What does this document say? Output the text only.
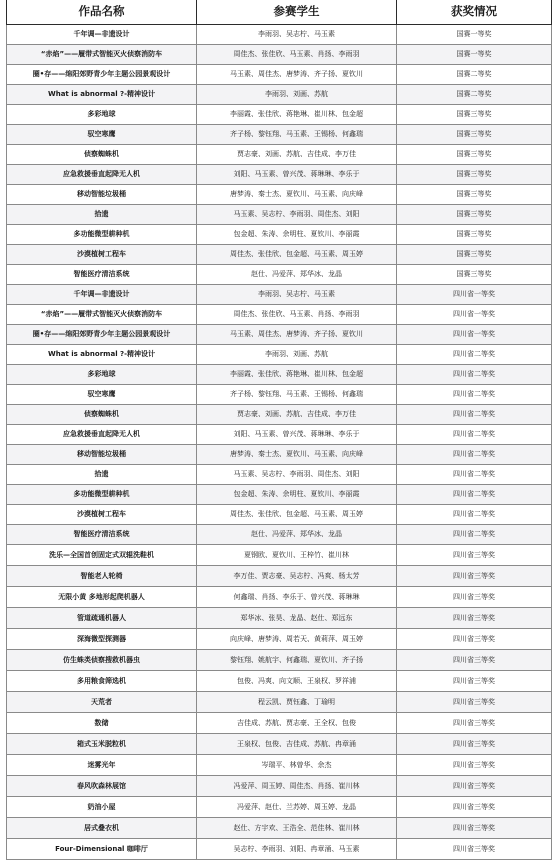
作品名称	参赛学生	获奖情况
千年调—非遗设计	李雨羽、吴志柠、马玉素	国赛一等奖
“赤焰”——履带式智能灭火侦察消防车	周佳杰、张佳欣、马玉素、肖扬、李雨羽	国赛一等奖
圈•存——绵阳郊野青少年主题公园景观设计	马玉素、周佳杰、唐梦涛、齐子扬、夏钦川	国赛二等奖
What is abnormal ?-精神设计	李雨羽、刘画、苏航	国赛二等奖
多彩地球	李丽霞、张佳欣、蒋艳琳、崔川林、包金超	国赛三等奖
驭空寒鹰	齐子杨、黎钰翔、马玉素、王锡杨、何鑫瑞	国赛三等奖
侦察蜘蛛机	贾志豪、刘画、苏航、吉佳成、李万佳	国赛三等奖
应急救援垂直起降无人机	刘阳、马玉素、曾兴茂、蒋琳琳、李乐于	国赛三等奖
移动智能垃圾桶	唐梦涛、秦士杰、夏钦川、马玉素、向庆峰	国赛三等奖
拾遗	马玉素、吴志柠、李雨羽、周佳杰、刘阳	国赛三等奖
多功能微型耕种机	包金超、朱涛、余明柱、夏钦川、李丽霞	国赛三等奖
沙漠植树工程车	周佳杰、张佳欣、包金超、马玉素、周玉婷	国赛三等奖
智能医疗清洁系统	赵仕、冯爱萍、郑华冰、龙晶	国赛三等奖
千年调—非遗设计	李雨羽、吴志柠、马玉素	四川省一等奖
“赤焰”——履带式智能灭火侦察消防车	周佳杰、张佳欣、马玉素、肖扬、李雨羽	四川省一等奖
圈•存——绵阳郊野青少年主题公园景观设计	马玉素、周佳杰、唐梦涛、齐子扬、夏钦川	四川省一等奖
What is abnormal ?-精神设计	李雨羽、刘画、苏航	四川省二等奖
多彩地球	李丽霞、张佳欣、蒋艳琳、崔川林、包金超	四川省二等奖
驭空寒鹰	齐子杨、黎钰翔、马玉素、王锡杨、何鑫瑞	四川省二等奖
侦察蜘蛛机	贾志豪、刘画、苏航、吉佳成、李万佳	四川省二等奖
应急救援垂直起降无人机	刘阳、马玉素、曾兴茂、蒋琳琳、李乐于	四川省二等奖
移动智能垃圾桶	唐梦涛、秦士杰、夏钦川、马玉素、向庆峰	四川省二等奖
拾遗	马玉素、吴志柠、李雨羽、周佳杰、刘阳	四川省二等奖
多功能微型耕种机	包金超、朱涛、余明柱、夏钦川、李丽霞	四川省二等奖
沙漠植树工程车	周佳杰、张佳欣、包金超、马玉素、周玉婷	四川省二等奖
智能医疗清洁系统	赵仕、冯爱萍、郑华冰、龙晶	四川省二等奖
洗乐—全国首创固定式双辊洗鞋机	夏钢欧、夏钦川、王梓竹、崔川林	四川省三等奖
智能老人轮椅	李万佳、贾志豪、吴志柠、冯爽、杨太芳	四川省三等奖
无限小黄 多地形起爬机器人	何鑫瑞、肖扬、李乐于、曾兴茂、蒋琳琳	四川省三等奖
管道疏通机器人	郑华冰、张昊、龙晶、赵仕、郑远东	四川省三等奖
深海微型探测器	向庆峰、唐梦涛、周若天、黄莉萍、周玉婷	四川省三等奖
仿生蛛类侦察搜救机器虫	黎钰翔、姚航宇、何鑫瑞、夏钦川、齐子扬	四川省三等奖
多用粮食筛选机	包俊、冯爽、向文顺、王泉权、罗祥浦	四川省三等奖
天荒者	程云凯、贾钰鑫、丁瑜明	四川省三等奖
数储	吉佳成、苏航、贾志豪、王全权、包俊	四川省三等奖
箱式玉米脱粒机	王泉权、包俊、吉佳成、苏航、冉章涌	四川省三等奖
迷雾光年	岑瑞平、林曾华、余杰	四川省三等奖
春风吹森林展馆	冯爱萍、周玉婷、周佳杰、肖扬、崔川林	四川省三等奖
奶油小屋	冯爱萍、赵仕、兰苏婷、周玉婷、龙晶	四川省三等奖
居式叠衣机	赵仕、方宇欢、王浩全、范佳林、崔川林	四川省三等奖
Four-Dimensional 咖啡厅	吴志柠、李雨羽、刘阳、冉章涌、马玉素	四川省三等奖
